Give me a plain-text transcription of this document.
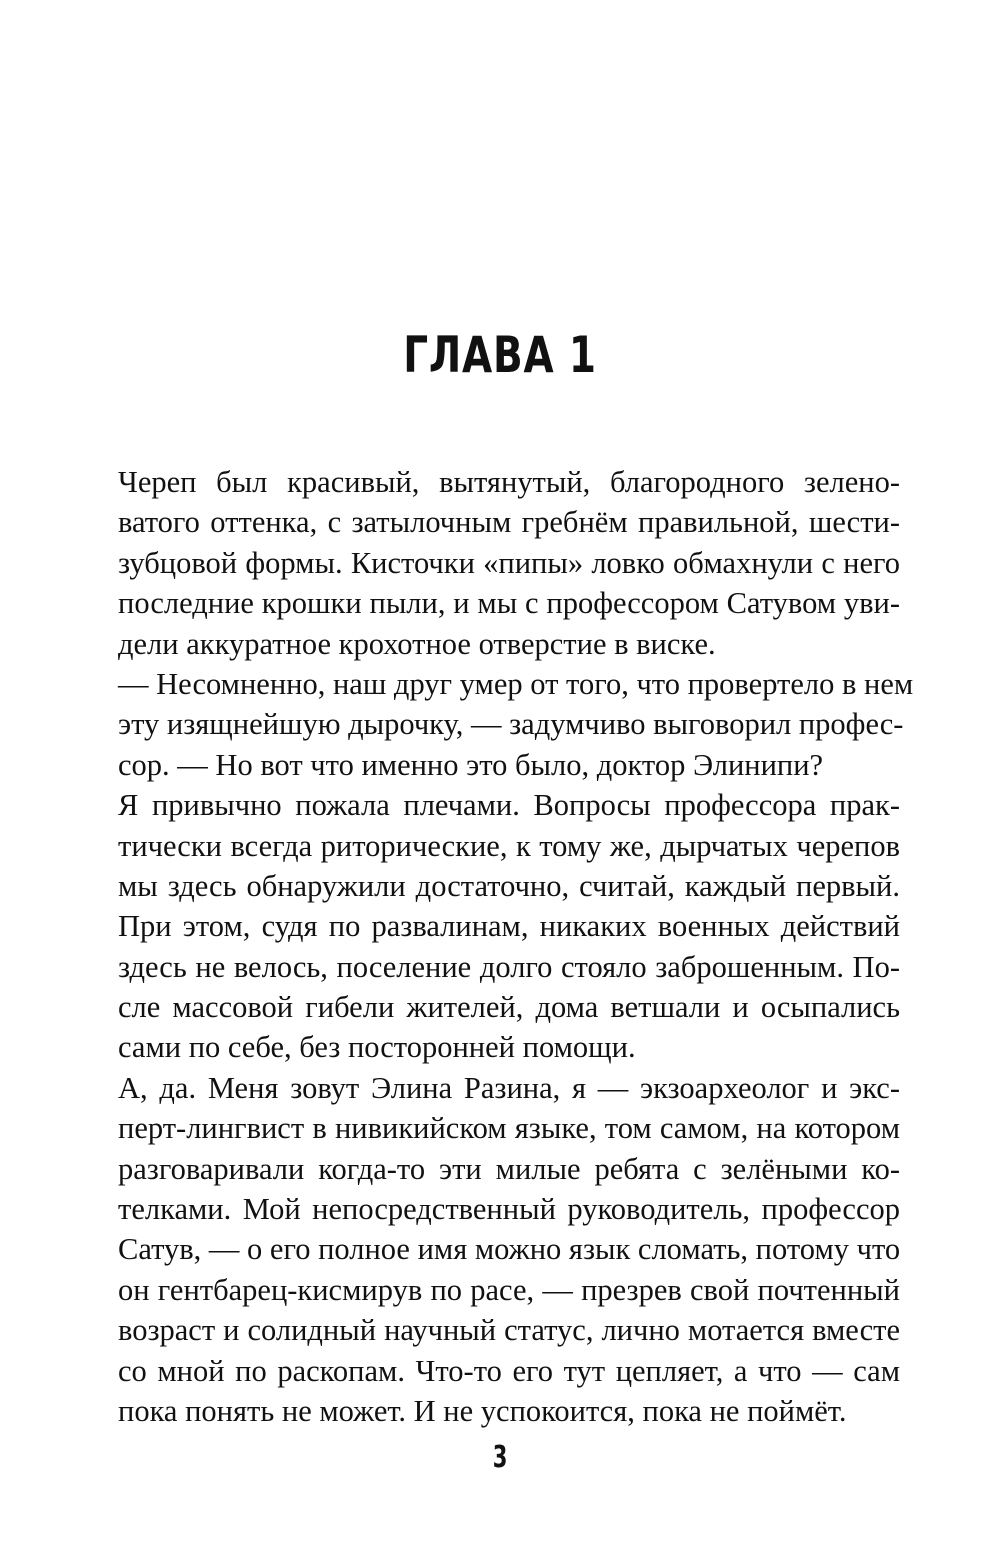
ГЛАВА 1
Череп был красивый, вытянутый, благородного зелено-
ватого оттенка, с затылочным гребнём правильной, шести-
зубцовой формы. Кисточки «пипы» ловко обмахнули с него
последние крошки пыли, и мы с профессором Сатувом уви-
дели аккуратное крохотное отверстие в виске.
— Несомненно, наш друг умер от того, что провертело в нем
эту изящнейшую дырочку, — задумчиво выговорил профес-
сор. — Но вот что именно это было, доктор Элинипи?
Я привычно пожала плечами. Вопросы профессора прак-
тически всегда риторические, к тому же, дырчатых черепов
мы здесь обнаружили достаточно, считай, каждый первый.
При этом, судя по развалинам, никаких военных действий
здесь не велось, поселение долго стояло заброшенным. По-
сле массовой гибели жителей, дома ветшали и осыпались
сами по себе, без посторонней помощи.
А, да. Меня зовут Элина Разина, я — экзоархеолог и экс-
перт-лингвист в нивикийском языке, том самом, на котором
разговаривали когда-то эти милые ребята с зелёными ко-
телками. Мой непосредственный руководитель, профессор
Сатув, — о его полное имя можно язык сломать, потому что
он гентбарец-кисмирув по расе, — презрев свой почтенный
возраст и солидный научный статус, лично мотается вместе
со мной по раскопам. Что-то его тут цепляет, а что — сам
пока понять не может. И не успокоится, пока не поймёт.
3
